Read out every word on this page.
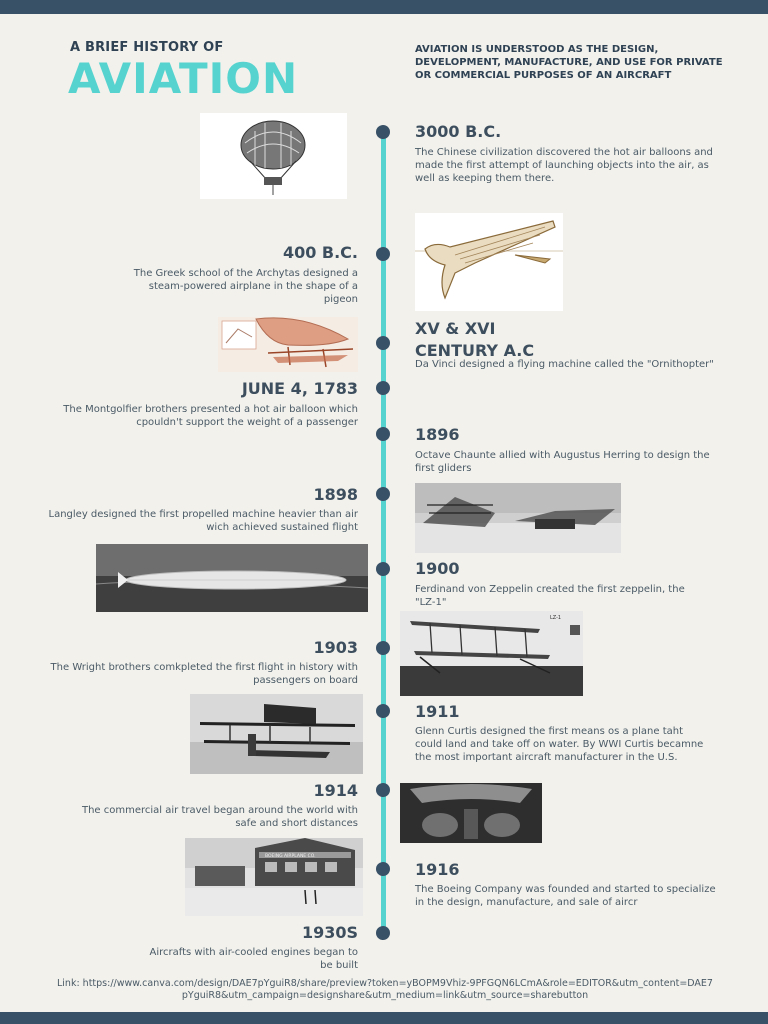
A BRIEF HISTORY OF
AVIATION
AVIATION IS UNDERSTOOD AS THE DESIGN, DEVELOPMENT, MANUFACTURE, AND USE FOR PRIVATE OR COMMERCIAL PURPOSES OF AN AIRCRAFT
3000 B.C.
The Chinese civilization discovered the hot air balloons and made the first attempt of launching objects into the air, as well as keeping them there.
400 B.C.
The Greek school of the Archytas designed a steam-powered airplane in the shape of a pigeon
XV & XVI
CENTURY A.C
Da Vinci designed a flying machine called the "Ornithopter"
JUNE 4, 1783
The Montgolfier brothers presented a hot air balloon which cpouldn't support the weight of a passenger
1896
Octave Chaunte allied with Augustus Herring to design the first gliders
1898
Langley designed the first propelled machine heavier than air wich achieved sustained flight
1900
Ferdinand von Zeppelin created the first zeppelin, the "LZ-1"
1903
The Wright brothers comkpleted the first flight in history with passengers on board
LZ-1
1911
Glenn Curtis designed the first means os a plane taht could land and take off on water. By WWI Curtis becamne the most important aircraft manufacturer in the U.S.
1914
The commercial air travel began around the world with safe and short distances
1916
The Boeing Company was founded and started to specialize in the design, manufacture, and sale of aircr
BOEING AIRPLANE CO.
1930S
Aircrafts with air-cooled engines began to be built
Link: https://www.canva.com/design/DAE7pYguiR8/share/preview?token=yBOPM9Vhiz-9PFGQN6LCmA&role=EDITOR&utm_content=DAE7pYguiR8&utm_campaign=designshare&utm_medium=link&utm_source=sharebutton
